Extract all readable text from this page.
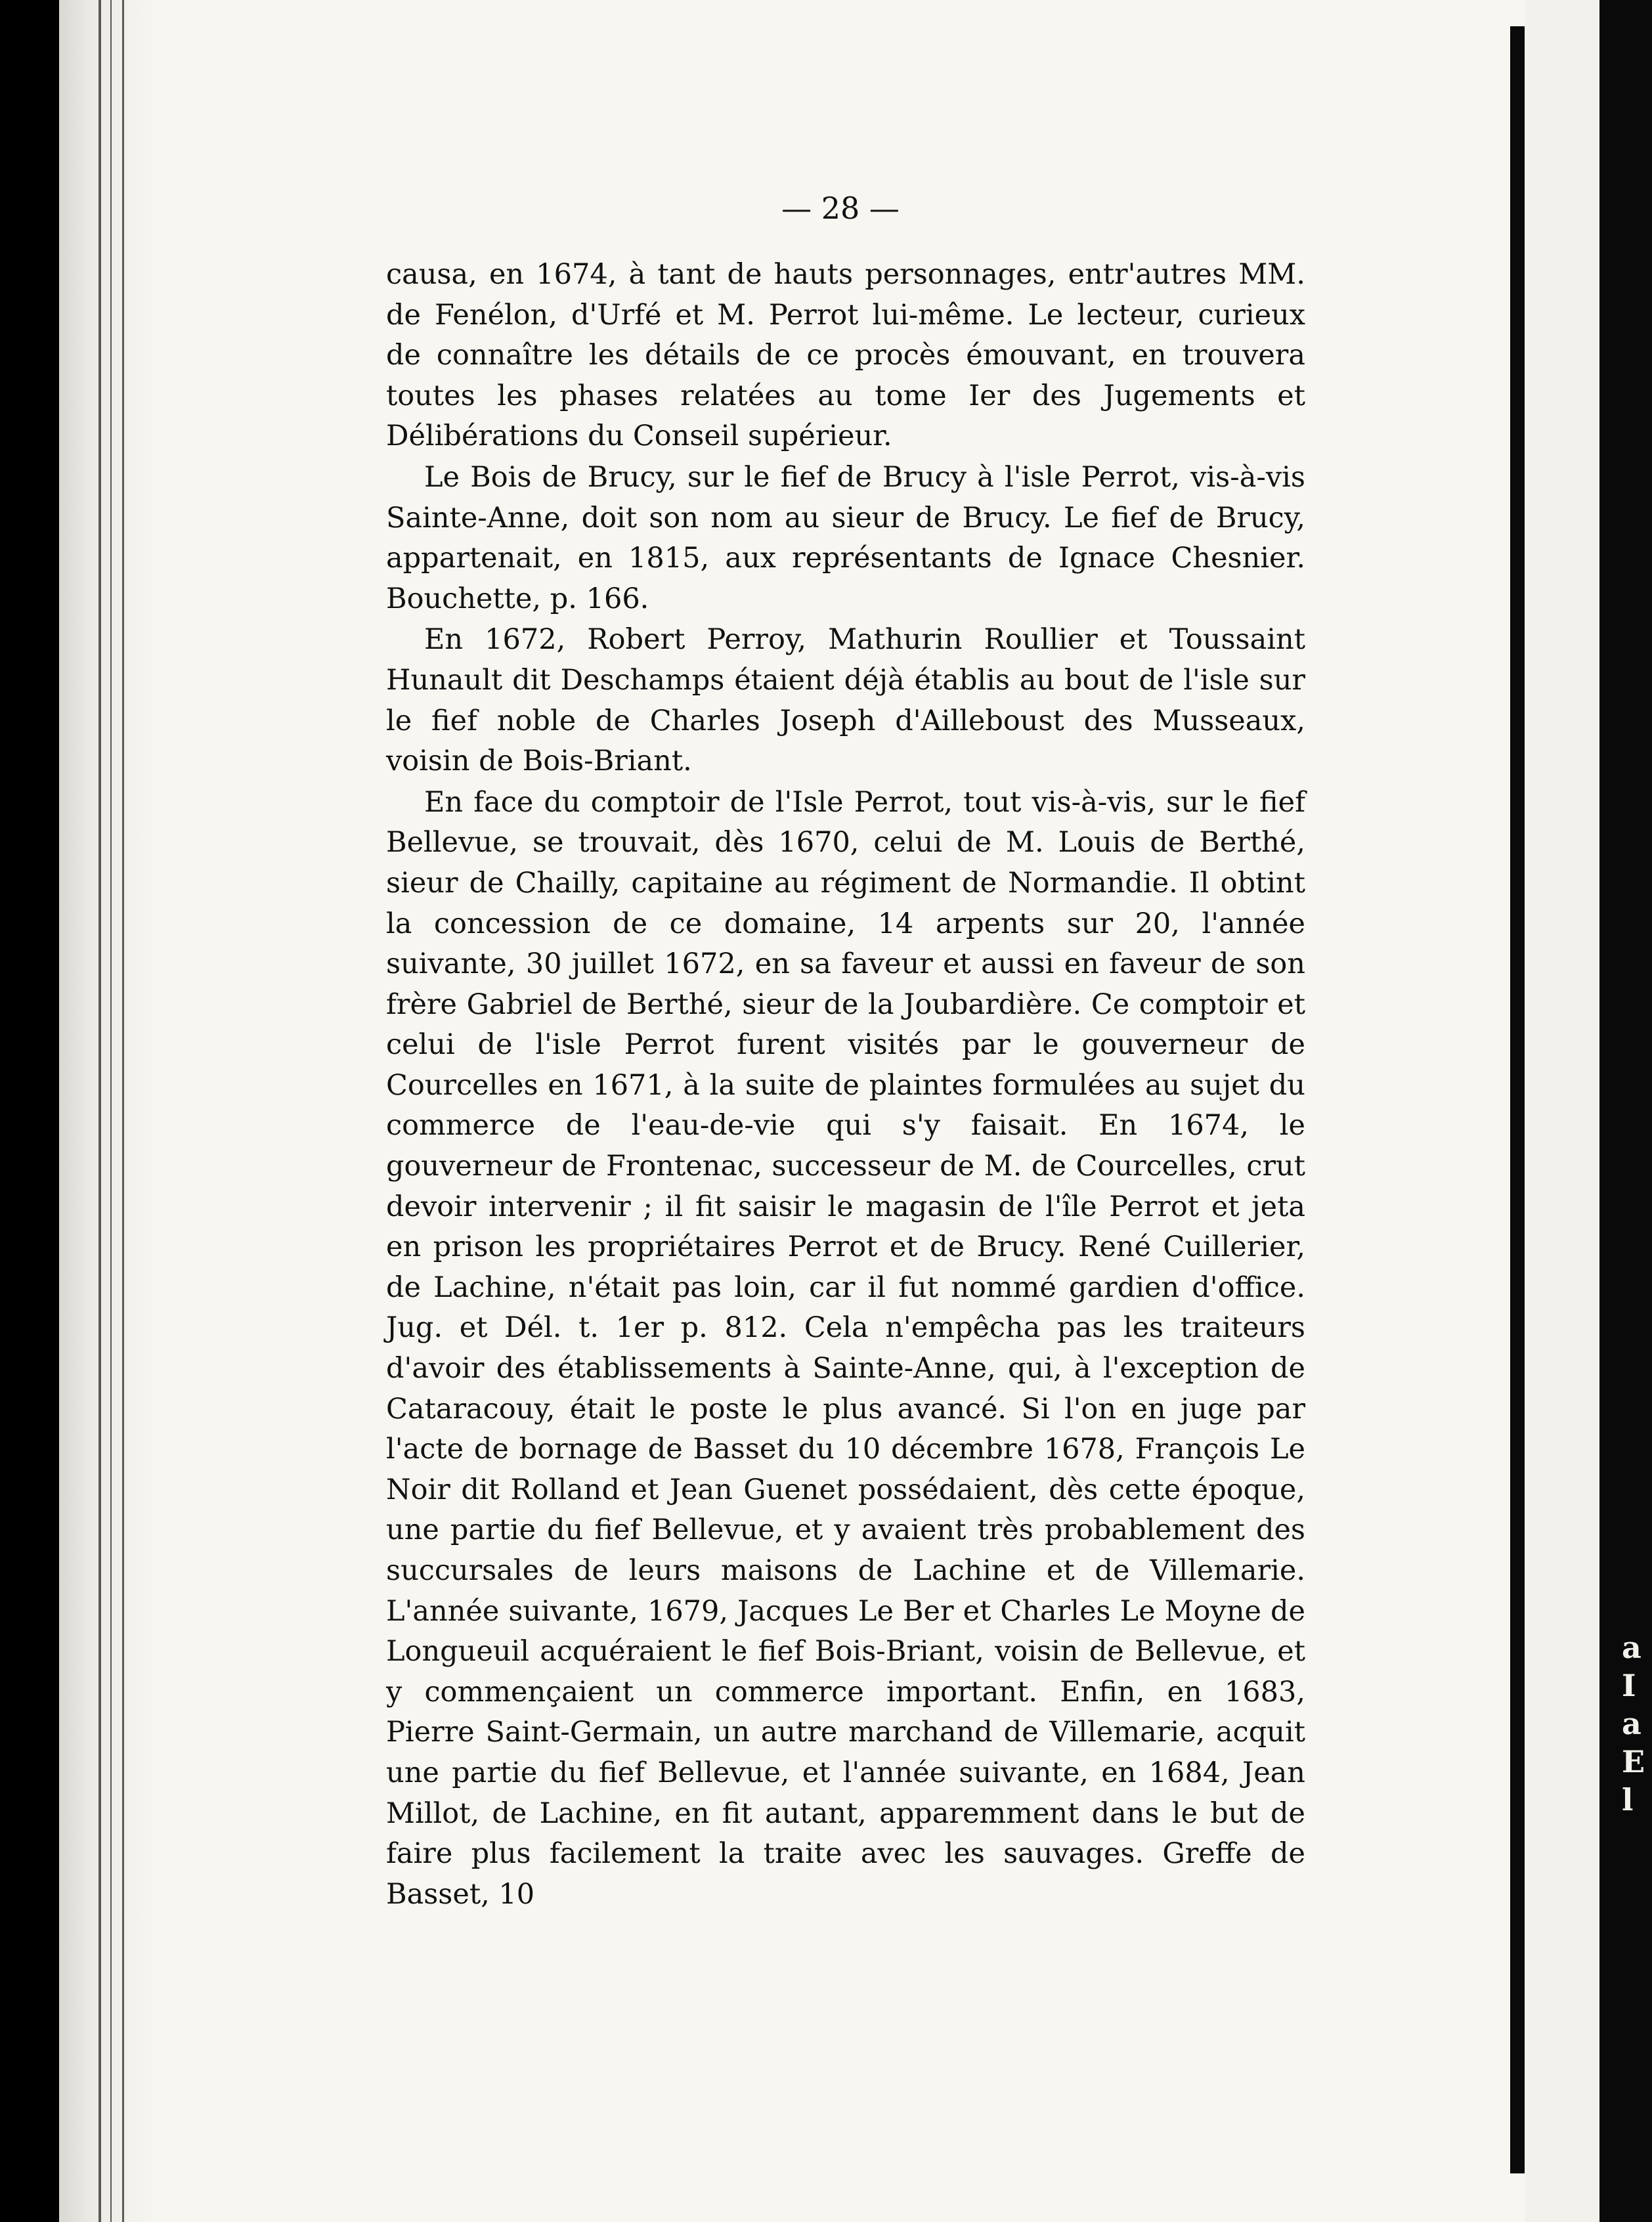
a
I
a
E
l
— 28 —

causa, en 1674, à tant de hauts personnages, entr'autres MM. de Fenélon, d'Urfé et M. Perrot lui-même. Le lecteur, curieux de connaître les détails de ce procès émouvant, en trouvera toutes les phases relatées au tome Ier des Jugements et Délibérations du Conseil supérieur.

Le Bois de Brucy, sur le fief de Brucy à l'isle Perrot, vis-à-vis Sainte-Anne, doit son nom au sieur de Brucy. Le fief de Brucy, appartenait, en 1815, aux représentants de Ignace Chesnier. Bouchette, p. 166.

En 1672, Robert Perroy, Mathurin Roullier et Toussaint Hunault dit Deschamps étaient déjà établis au bout de l'isle sur le fief noble de Charles Joseph d'Ailleboust des Musseaux, voisin de Bois-Briant.

En face du comptoir de l'Isle Perrot, tout vis-à-vis, sur le fief Bellevue, se trouvait, dès 1670, celui de M. Louis de Berthé, sieur de Chailly, capitaine au régiment de Normandie. Il obtint la concession de ce domaine, 14 arpents sur 20, l'année suivante, 30 juillet 1672, en sa faveur et aussi en faveur de son frère Gabriel de Berthé, sieur de la Joubardière. Ce comptoir et celui de l'isle Perrot furent visités par le gouverneur de Courcelles en 1671, à la suite de plaintes formulées au sujet du commerce de l'eau-de-vie qui s'y faisait. En 1674, le gouverneur de Frontenac, successeur de M. de Courcelles, crut devoir intervenir ; il fit saisir le magasin de l'île Perrot et jeta en prison les propriétaires Perrot et de Brucy. René Cuillerier, de Lachine, n'était pas loin, car il fut nommé gardien d'office. Jug. et Dél. t. 1er p. 812. Cela n'empêcha pas les traiteurs d'avoir des établissements à Sainte-Anne, qui, à l'exception de Cataracouy, était le poste le plus avancé. Si l'on en juge par l'acte de bornage de Basset du 10 décembre 1678, François Le Noir dit Rolland et Jean Guenet possédaient, dès cette époque, une partie du fief Bellevue, et y avaient très probablement des succursales de leurs maisons de Lachine et de Villemarie. L'année suivante, 1679, Jacques Le Ber et Charles Le Moyne de Longueuil acquéraient le fief Bois-Briant, voisin de Bellevue, et y commençaient un commerce important. Enfin, en 1683, Pierre Saint-Germain, un autre marchand de Villemarie, acquit une partie du fief Bellevue, et l'année suivante, en 1684, Jean Millot, de Lachine, en fit autant, apparemment dans le but de faire plus facilement la traite avec les sauvages. Greffe de Basset, 10
